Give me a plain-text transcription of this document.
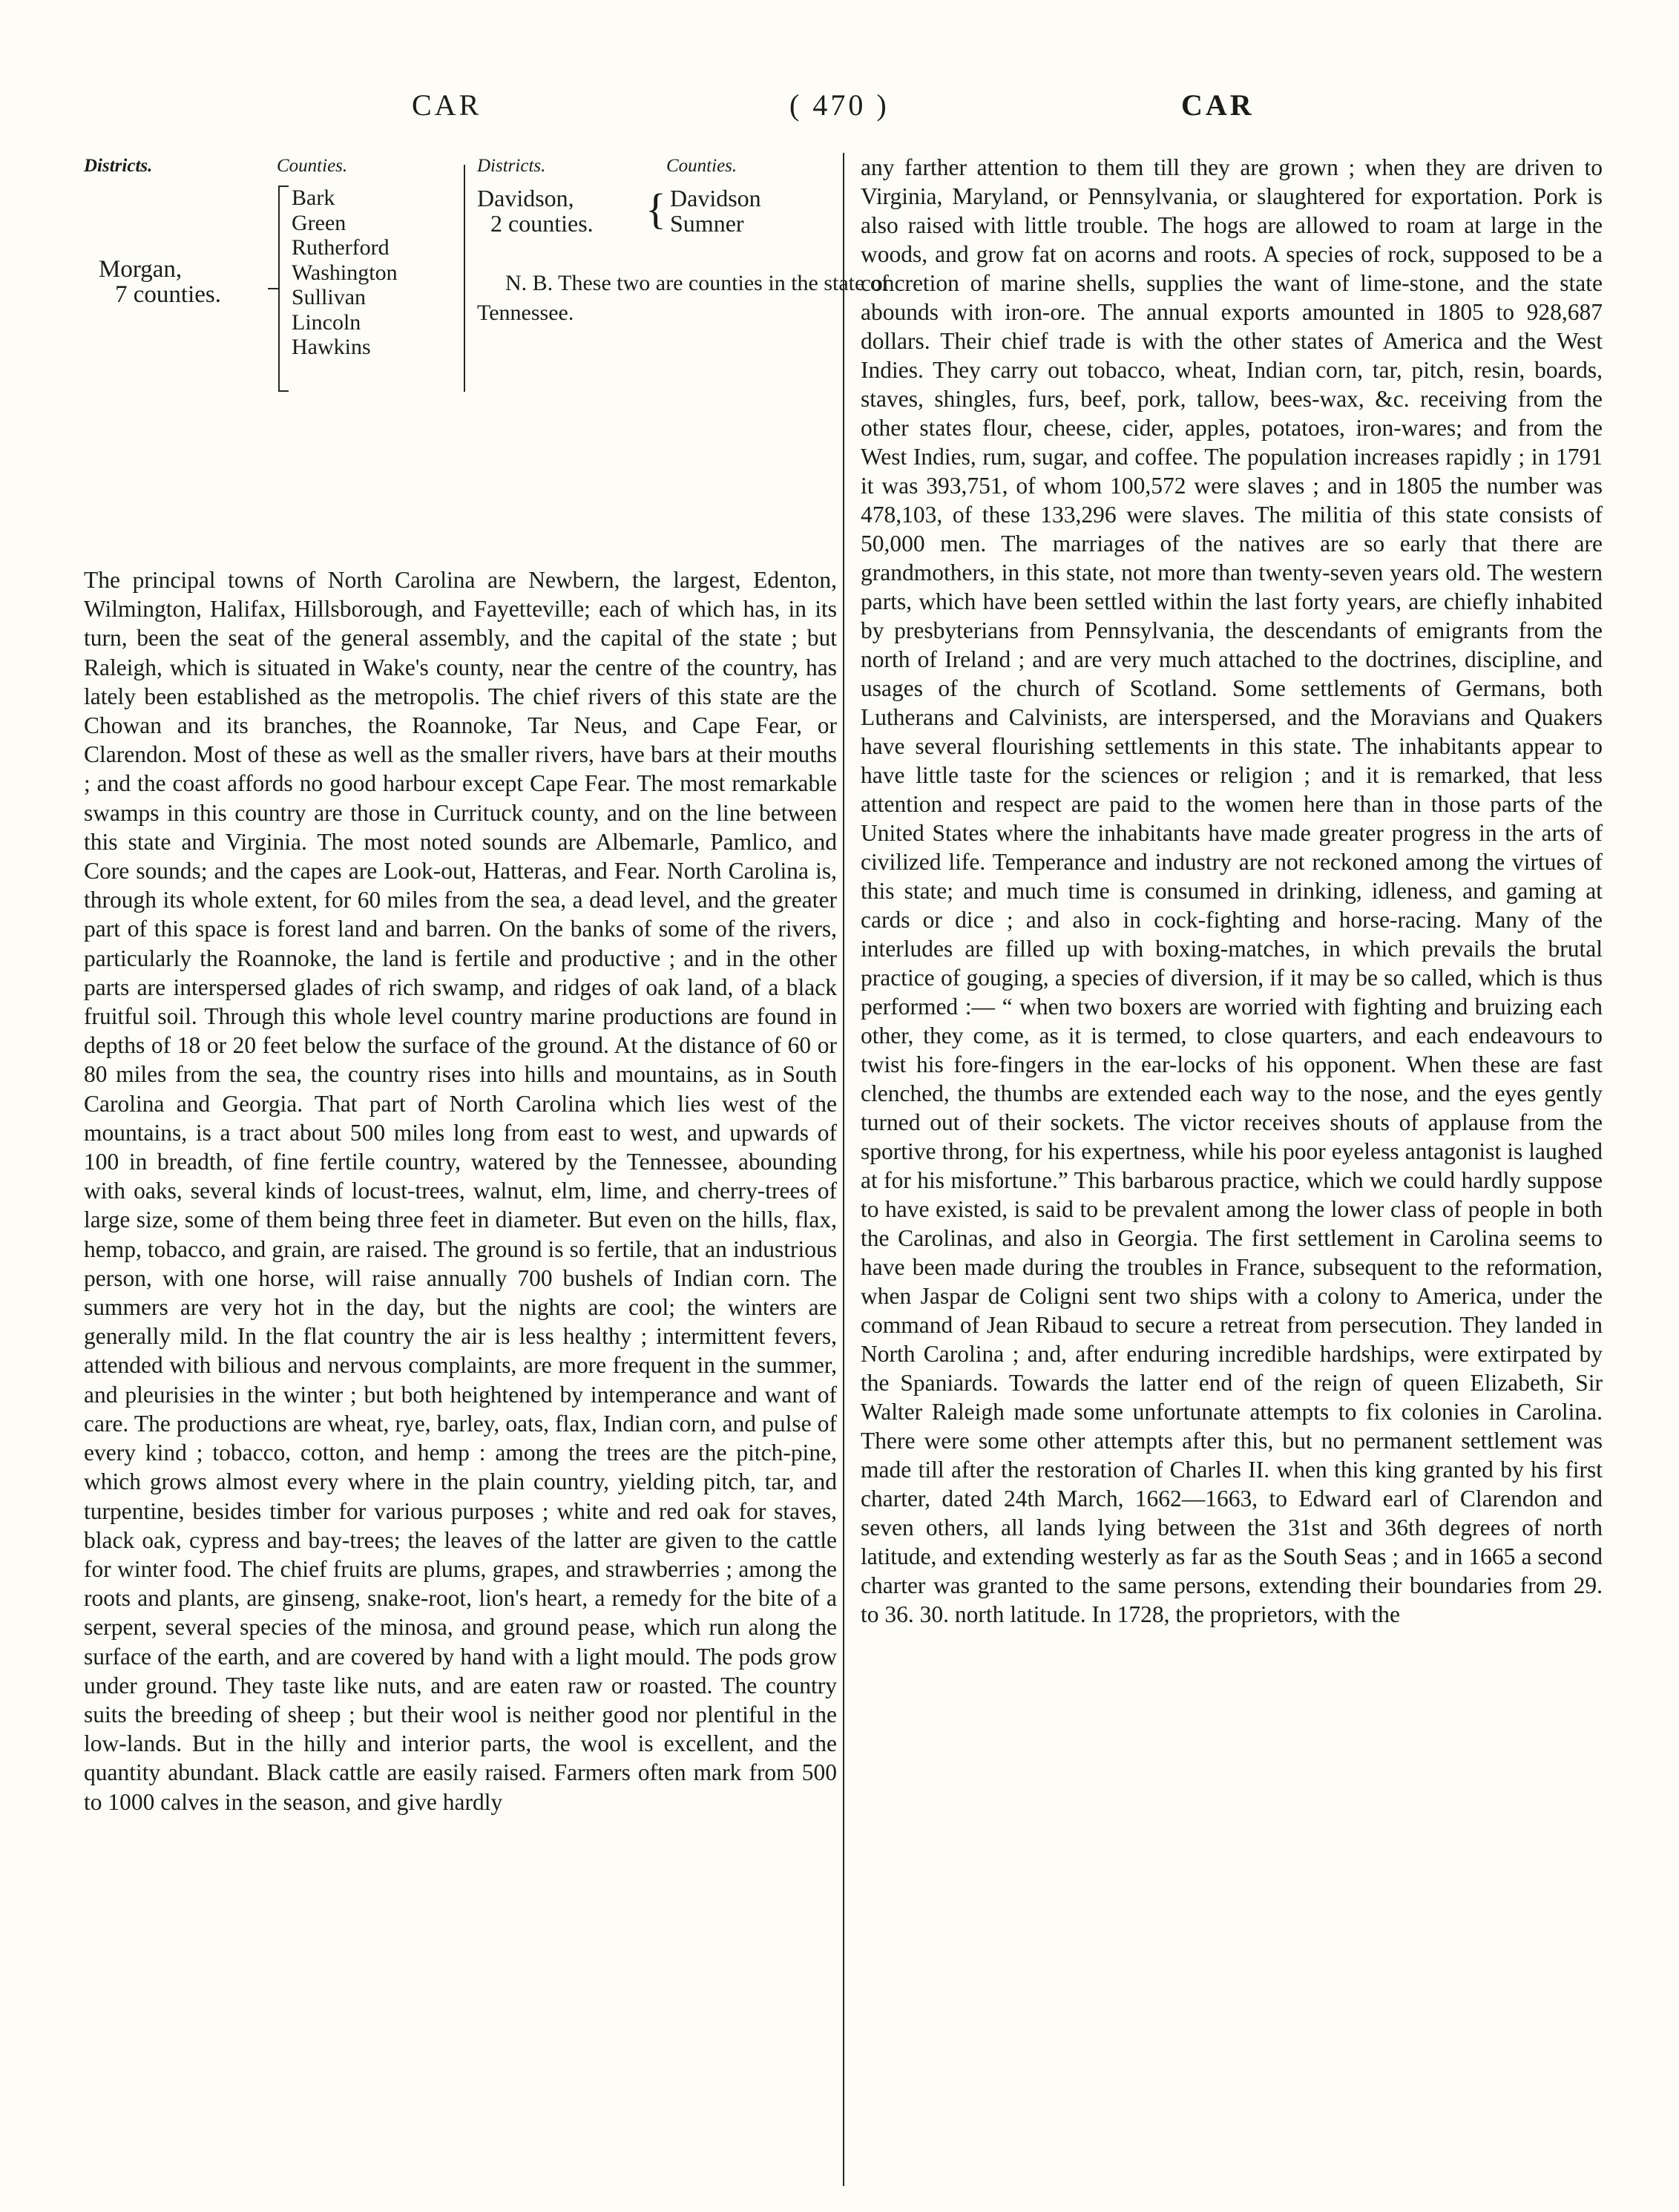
CAR	( 470 )	CAR
Districts.	Counties.	Districts.	Counties.
Morgan,
7 counties.
Bark
Green
Rutherford
Washington
Sullivan
Lincoln
Hawkins
Davidson,
2 counties. { Davidson
Sumner
N. B. These two are counties in the state of Tennessee.

The principal towns of North Carolina are Newbern, the largest, Edenton, Wilmington, Halifax, Hillsborough, and Fayetteville; each of which has, in its turn, been the seat of the general assembly, and the capital of the state ; but Raleigh, which is situated in Wake's county, near the centre of the country, has lately been established as the metropolis. The chief rivers of this state are the Chowan and its branches, the Roannoke, Tar Neus, and Cape Fear, or Clarendon. Most of these as well as the smaller rivers, have bars at their mouths ; and the coast affords no good harbour except Cape Fear. The most remarkable swamps in this country are those in Currituck county, and on the line between this state and Virginia. The most noted sounds are Albemarle, Pamlico, and Core sounds; and the capes are Look-out, Hatteras, and Fear. North Carolina is, through its whole extent, for 60 miles from the sea, a dead level, and the greater part of this space is forest land and barren. On the banks of some of the rivers, particularly the Roannoke, the land is fertile and productive ; and in the other parts are interspersed glades of rich swamp, and ridges of oak land, of a black fruitful soil. Through this whole level country marine productions are found in depths of 18 or 20 feet below the surface of the ground. At the distance of 60 or 80 miles from the sea, the country rises into hills and mountains, as in South Carolina and Georgia. That part of North Carolina which lies west of the mountains, is a tract about 500 miles long from east to west, and upwards of 100 in breadth, of fine fertile country, watered by the Tennessee, abounding with oaks, several kinds of locust-trees, walnut, elm, lime, and cherry-trees of large size, some of them being three feet in diameter. But even on the hills, flax, hemp, tobacco, and grain, are raised. The ground is so fertile, that an industrious person, with one horse, will raise annually 700 bushels of Indian corn. The summers are very hot in the day, but the nights are cool; the winters are generally mild. In the flat country the air is less healthy ; intermittent fevers, attended with bilious and nervous complaints, are more frequent in the summer, and pleurisies in the winter ; but both heightened by intemperance and want of care. The productions are wheat, rye, barley, oats, flax, Indian corn, and pulse of every kind ; tobacco, cotton, and hemp : among the trees are the pitch-pine, which grows almost every where in the plain country, yielding pitch, tar, and turpentine, besides timber for various purposes ; white and red oak for staves, black oak, cypress and bay-trees; the leaves of the latter are given to the cattle for winter food. The chief fruits are plums, grapes, and strawberries ; among the roots and plants, are ginseng, snake-root, lion's heart, a remedy for the bite of a serpent, several species of the minosa, and ground pease, which run along the surface of the earth, and are covered by hand with a light mould. The pods grow under ground. They taste like nuts, and are eaten raw or roasted. The country suits the breeding of sheep ; but their wool is neither good nor plentiful in the low-lands. But in the hilly and interior parts, the wool is excellent, and the quantity abundant. Black cattle are easily raised. Farmers often mark from 500 to 1000 calves in the season, and give hardly

any farther attention to them till they are grown ; when they are driven to Virginia, Maryland, or Pennsylvania, or slaughtered for exportation. Pork is also raised with little trouble. The hogs are allowed to roam at large in the woods, and grow fat on acorns and roots. A species of rock, supposed to be a concretion of marine shells, supplies the want of lime-stone, and the state abounds with iron-ore. The annual exports amounted in 1805 to 928,687 dollars. Their chief trade is with the other states of America and the West Indies. They carry out tobacco, wheat, Indian corn, tar, pitch, resin, boards, staves, shingles, furs, beef, pork, tallow, bees-wax, &c. receiving from the other states flour, cheese, cider, apples, potatoes, iron-wares; and from the West Indies, rum, sugar, and coffee. The population increases rapidly ; in 1791 it was 393,751, of whom 100,572 were slaves ; and in 1805 the number was 478,103, of these 133,296 were slaves. The militia of this state consists of 50,000 men. The marriages of the natives are so early that there are grandmothers, in this state, not more than twenty-seven years old. The western parts, which have been settled within the last forty years, are chiefly inhabited by presbyterians from Pennsylvania, the descendants of emigrants from the north of Ireland ; and are very much attached to the doctrines, discipline, and usages of the church of Scotland. Some settlements of Germans, both Lutherans and Calvinists, are interspersed, and the Moravians and Quakers have several flourishing settlements in this state. The inhabitants appear to have little taste for the sciences or religion ; and it is remarked, that less attention and respect are paid to the women here than in those parts of the United States where the inhabitants have made greater progress in the arts of civilized life. Temperance and industry are not reckoned among the virtues of this state; and much time is consumed in drinking, idleness, and gaming at cards or dice ; and also in cock-fighting and horse-racing. Many of the interludes are filled up with boxing-matches, in which prevails the brutal practice of gouging, a species of diversion, if it may be so called, which is thus performed :— “ when two boxers are worried with fighting and bruizing each other, they come, as it is termed, to close quarters, and each endeavours to twist his fore-fingers in the ear-locks of his opponent. When these are fast clenched, the thumbs are extended each way to the nose, and the eyes gently turned out of their sockets. The victor receives shouts of applause from the sportive throng, for his expertness, while his poor eyeless antagonist is laughed at for his misfortune.” This barbarous practice, which we could hardly suppose to have existed, is said to be prevalent among the lower class of people in both the Carolinas, and also in Georgia. The first settlement in Carolina seems to have been made during the troubles in France, subsequent to the reformation, when Jaspar de Coligni sent two ships with a colony to America, under the command of Jean Ribaud to secure a retreat from persecution. They landed in North Carolina ; and, after enduring incredible hardships, were extirpated by the Spaniards. Towards the latter end of the reign of queen Elizabeth, Sir Walter Raleigh made some unfortunate attempts to fix colonies in Carolina. There were some other attempts after this, but no permanent settlement was made till after the restoration of Charles II. when this king granted by his first charter, dated 24th March, 1662—1663, to Edward earl of Clarendon and seven others, all lands lying between the 31st and 36th degrees of north latitude, and extending westerly as far as the South Seas ; and in 1665 a second charter was granted to the same persons, extending their boundaries from 29. to 36. 30. north latitude. In 1728, the proprietors, with the
